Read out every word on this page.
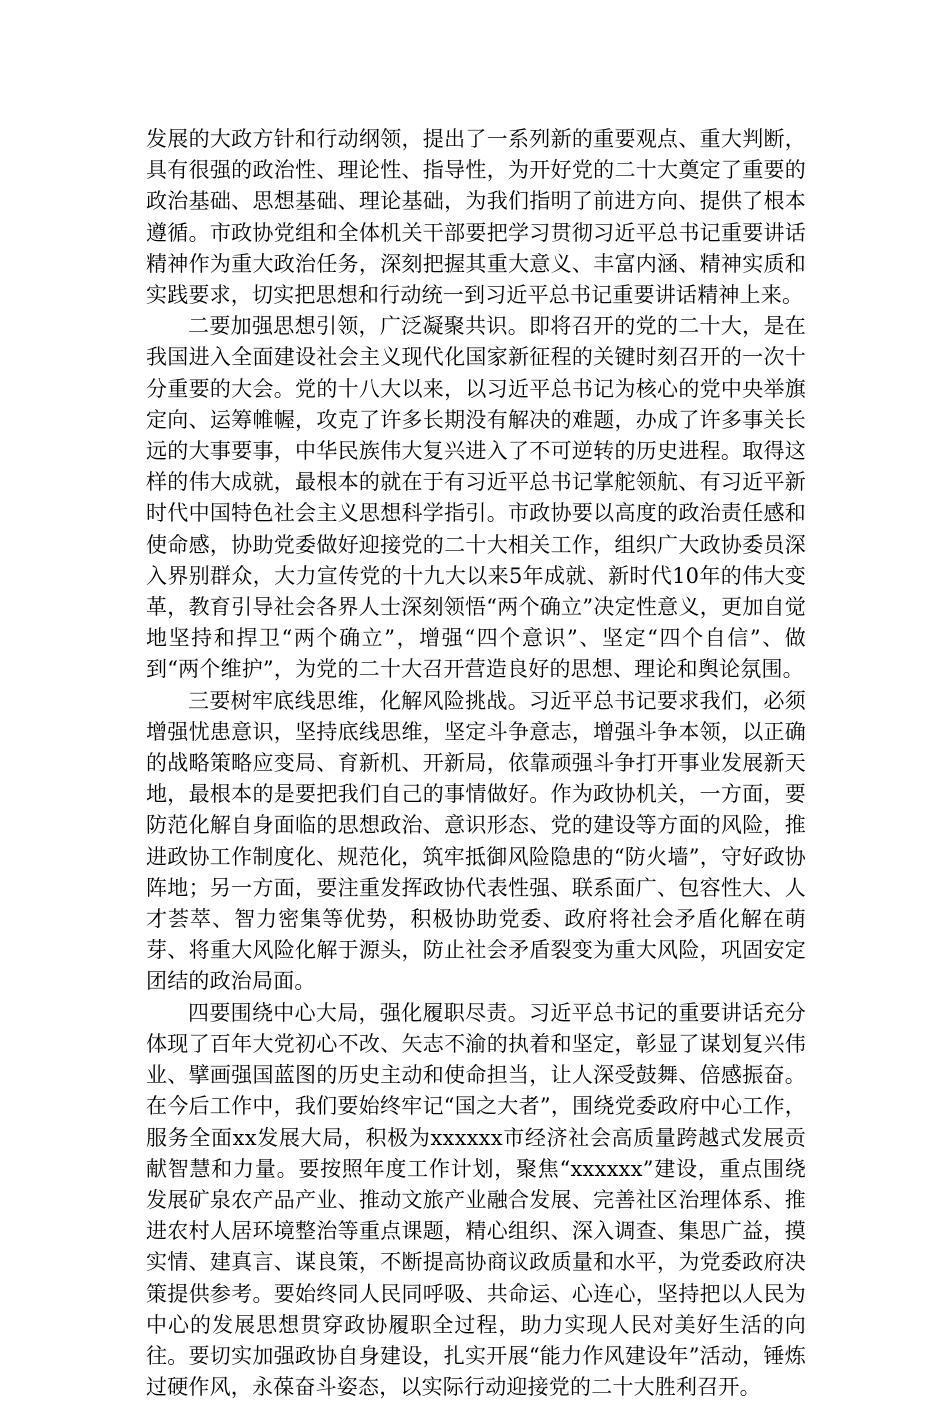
发展的大政方针和行动纲领，提出了一系列新的重要观点、重大判断，具有很强的政治性、理论性、指导性，为开好党的二十大奠定了重要的政治基础、思想基础、理论基础，为我们指明了前进方向、提供了根本遵循。市政协党组和全体机关干部要把学习贯彻习近平总书记重要讲话精神作为重大政治任务，深刻把握其重大意义、丰富内涵、精神实质和实践要求，切实把思想和行动统一到习近平总书记重要讲话精神上来。

二要加强思想引领，广泛凝聚共识。即将召开的党的二十大，是在我国进入全面建设社会主义现代化国家新征程的关键时刻召开的一次十分重要的大会。党的十八大以来，以习近平总书记为核心的党中央举旗定向、运筹帷幄，攻克了许多长期没有解决的难题，办成了许多事关长远的大事要事，中华民族伟大复兴进入了不可逆转的历史进程。取得这样的伟大成就，最根本的就在于有习近平总书记掌舵领航、有习近平新时代中国特色社会主义思想科学指引。市政协要以高度的政治责任感和使命感，协助党委做好迎接党的二十大相关工作，组织广大政协委员深入界别群众，大力宣传党的十九大以来5年成就、新时代10年的伟大变革，教育引导社会各界人士深刻领悟“两个确立”决定性意义，更加自觉地坚持和捍卫“两个确立”，增强“四个意识”、坚定“四个自信”、做到“两个维护”，为党的二十大召开营造良好的思想、理论和舆论氛围。

三要树牢底线思维，化解风险挑战。习近平总书记要求我们，必须增强忧患意识，坚持底线思维，坚定斗争意志，增强斗争本领，以正确的战略策略应变局、育新机、开新局，依靠顽强斗争打开事业发展新天地，最根本的是要把我们自己的事情做好。作为政协机关，一方面，要防范化解自身面临的思想政治、意识形态、党的建设等方面的风险，推进政协工作制度化、规范化，筑牢抵御风险隐患的“防火墙”，守好政协阵地；另一方面，要注重发挥政协代表性强、联系面广、包容性大、人才荟萃、智力密集等优势，积极协助党委、政府将社会矛盾化解在萌芽、将重大风险化解于源头，防止社会矛盾裂变为重大风险，巩固安定团结的政治局面。

四要围绕中心大局，强化履职尽责。习近平总书记的重要讲话充分体现了百年大党初心不改、矢志不渝的执着和坚定，彰显了谋划复兴伟业、擘画强国蓝图的历史主动和使命担当，让人深受鼓舞、倍感振奋。在今后工作中，我们要始终牢记“国之大者”，围绕党委政府中心工作，服务全面xx发展大局，积极为xxxxxx市经济社会高质量跨越式发展贡献智慧和力量。要按照年度工作计划，聚焦“xxxxxx”建设，重点围绕发展矿泉农产品产业、推动文旅产业融合发展、完善社区治理体系、推进农村人居环境整治等重点课题，精心组织、深入调查、集思广益，摸实情、建真言、谋良策，不断提高协商议政质量和水平，为党委政府决策提供参考。要始终同人民同呼吸、共命运、心连心，坚持把以人民为中心的发展思想贯穿政协履职全过程，助力实现人民对美好生活的向往。要切实加强政协自身建设，扎实开展“能力作风建设年”活动，锤炼过硬作风，永葆奋斗姿态，以实际行动迎接党的二十大胜利召开。
